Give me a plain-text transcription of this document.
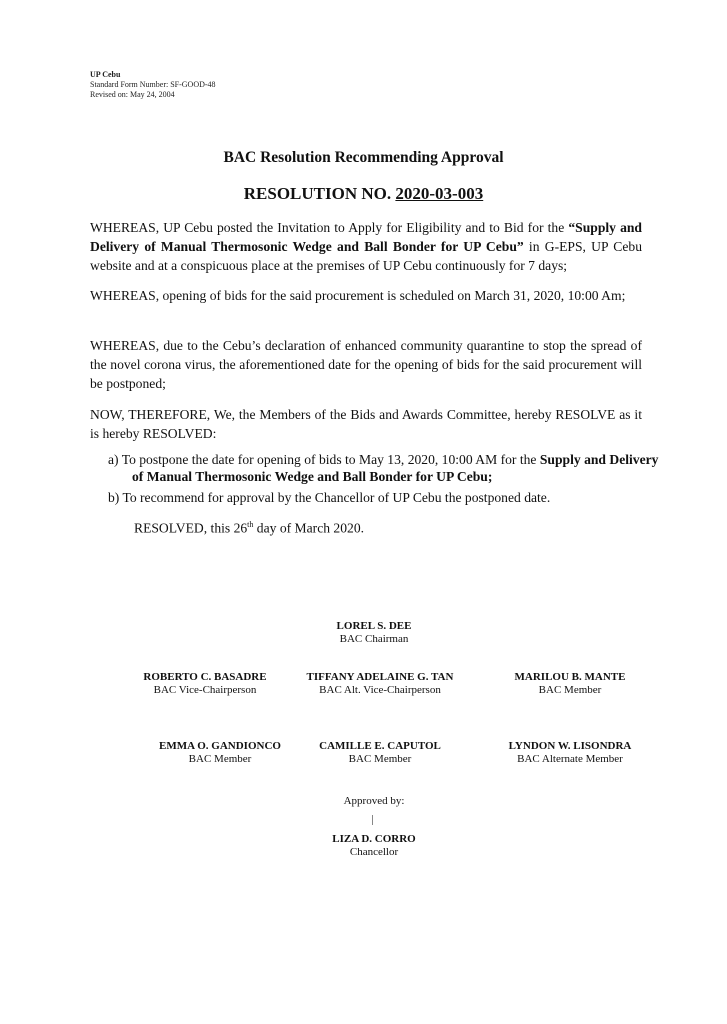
UP Cebu
Standard Form Number: SF-GOOD-48
Revised on: May 24, 2004
BAC Resolution Recommending Approval
RESOLUTION NO. 2020-03-003
WHEREAS, UP Cebu posted the Invitation to Apply for Eligibility and to Bid for the “Supply and Delivery of Manual Thermosonic Wedge and Ball Bonder for UP Cebu” in G-EPS, UP Cebu website and at a conspicuous place at the premises of UP Cebu continuously for 7 days;
WHEREAS, opening of bids for the said procurement is scheduled on March 31, 2020, 10:00 Am;
WHEREAS, due to the Cebu’s declaration of enhanced community quarantine to stop the spread of the novel corona virus, the aforementioned date for the opening of bids for the said procurement will be postponed;
NOW, THEREFORE, We, the Members of the Bids and Awards Committee, hereby RESOLVE as it is hereby RESOLVED:
a) To postpone the date for opening of bids to May 13, 2020, 10:00 AM for the Supply and Delivery of Manual Thermosonic Wedge and Ball Bonder for UP Cebu;
b) To recommend for approval by the Chancellor of UP Cebu the postponed date.
RESOLVED, this 26th day of March 2020.
LOREL S. DEE
BAC Chairman
ROBERTO C. BASADRE
BAC Vice-Chairperson
TIFFANY ADELAINE G. TAN
BAC Alt. Vice-Chairperson
MARILOU B. MANTE
BAC Member
EMMA O. GANDIONCO
BAC Member
CAMILLE E. CAPUTOL
BAC Member
LYNDON W. LISONDRA
BAC Alternate Member
Approved by:
LIZA D. CORRO
Chancellor
